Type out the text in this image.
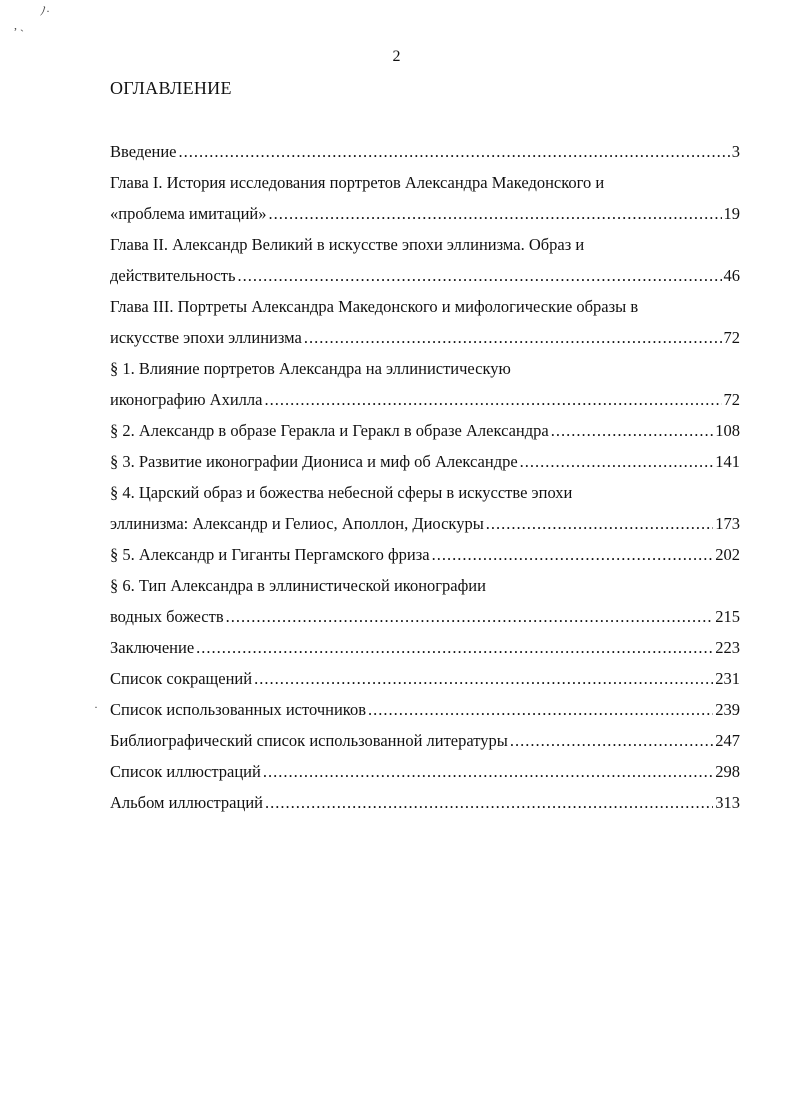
2
ОГЛАВЛЕНИЕ
Введение .....	3
Глава I. История исследования портретов Александра Македонского и
«проблема имитаций» .....	19
Глава II. Александр Великий в искусстве эпохи эллинизма. Образ и
действительность .....	46
Глава III. Портреты Александра Македонского и мифологические образы в
искусстве эпохи эллинизма .....	72
§ 1. Влияние портретов Александра на эллинистическую
иконографию Ахилла .....	72
§ 2. Александр в образе Геракла и Геракл в образе Александра .....	108
§ 3. Развитие иконографии Диониса и миф об Александре .....	141
§ 4. Царский образ и божества небесной сферы в искусстве эпохи
эллинизма: Александр и Гелиос, Аполлон, Диоскуры .....	173
§ 5. Александр и Гиганты Пергамского фриза .....	202
§ 6. Тип Александра в эллинистической иконографии
водных божеств .....	215
Заключение .....	223
Список сокращений .....	231
Список использованных источников .....	239
Библиографический список использованной литературы .....	247
Список иллюстраций .....	298
Альбом иллюстраций .....	313
ﾉ·
, ˏ
·
